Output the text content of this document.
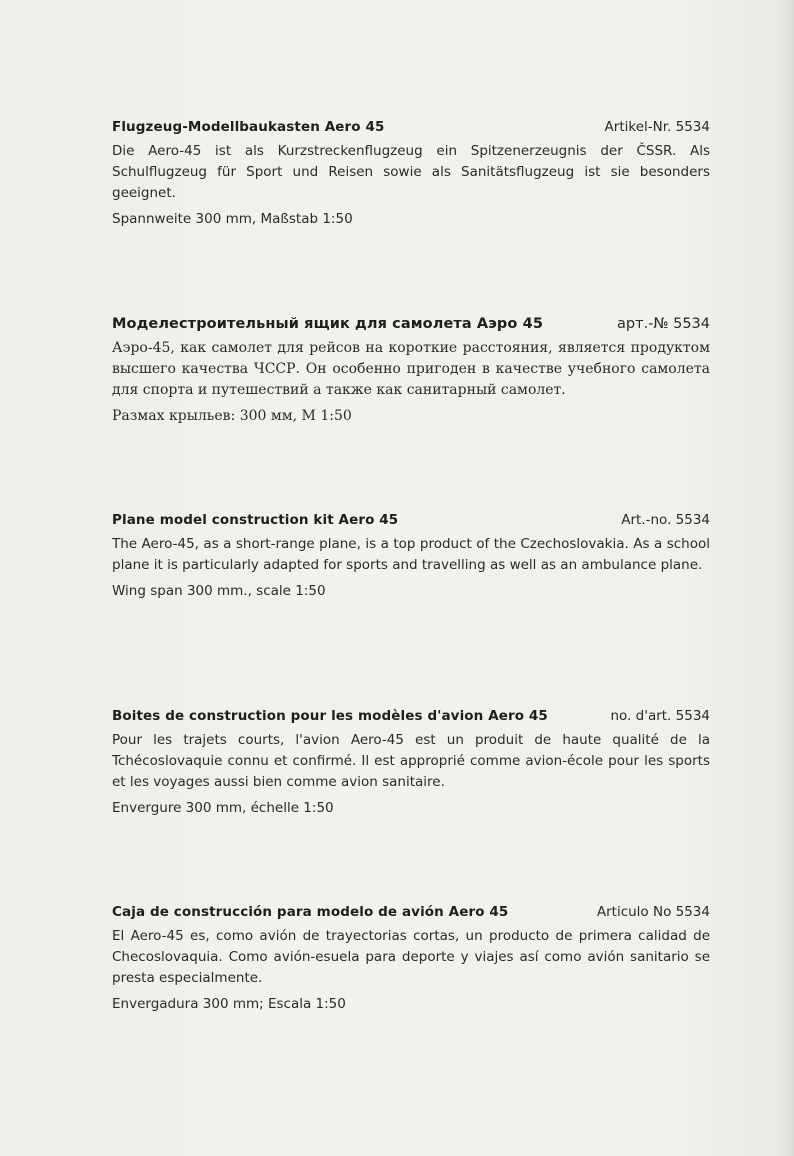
Flugzeug-Modellbaukasten Aero 45	Artikel-Nr. 5534

Die Aero-45 ist als Kurzstreckenflugzeug ein Spitzenerzeugnis der ČSSR. Als Schulflugzeug für Sport und Reisen sowie als Sanitätsflugzeug ist sie besonders geeignet.

Spannweite 300 mm, Maßstab 1:50

Моделестроительный ящик для самолета Аэро 45	арт.-№ 5534

Аэро-45, как самолет для рейсов на короткие расстояния, является продуктом высшего качества ЧССР. Он особенно пригоден в качестве учебного самолета для спорта и путешествий а также как санитарный самолет.

Размах крыльев: 300 мм, М 1:50

Plane model construction kit Aero 45	Art.-no. 5534

The Aero-45, as a short-range plane, is a top product of the Czechoslovakia. As a school plane it is particularly adapted for sports and travelling as well as an ambulance plane.

Wing span 300 mm., scale 1:50

Boites de construction pour les modèles d'avion Aero 45	no. d'art. 5534

Pour les trajets courts, l'avion Aero-45 est un produit de haute qualité de la Tchécoslovaquie connu et confirmé. Il est approprié comme avion-école pour les sports et les voyages aussi bien comme avion sanitaire.

Envergure 300 mm, échelle 1:50

Caja de construcción para modelo de avión Aero 45	Articulo No 5534

El Aero-45 es, como avión de trayectorias cortas, un producto de primera calidad de Checoslovaquia. Como avión-esuela para deporte y viajes así como avión sanitario se presta especialmente.

Envergadura 300 mm; Escala 1:50
